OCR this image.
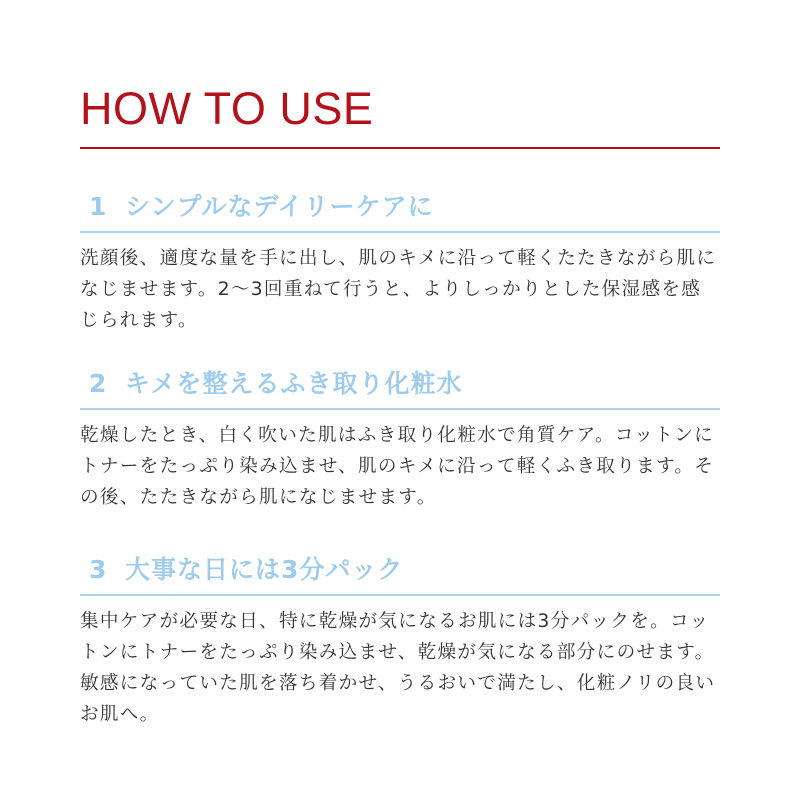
HOW TO USE
1 シンプルなデイリーケアに

洗顔後、適度な量を手に出し、肌のキメに沿って軽くたたきながら肌になじませます。2〜3回重ねて行うと、よりしっかりとした保湿感を感じられます。

2 キメを整えるふき取り化粧水

乾燥したとき、白く吹いた肌はふき取り化粧水で角質ケア。コットンにトナーをたっぷり染み込ませ、肌のキメに沿って軽くふき取ります。その後、たたきながら肌になじませます。

3 大事な日には3分パック

集中ケアが必要な日、特に乾燥が気になるお肌には3分パックを。コットンにトナーをたっぷり染み込ませ、乾燥が気になる部分にのせます。敏感になっていた肌を落ち着かせ、うるおいで満たし、化粧ノリの良いお肌へ。
